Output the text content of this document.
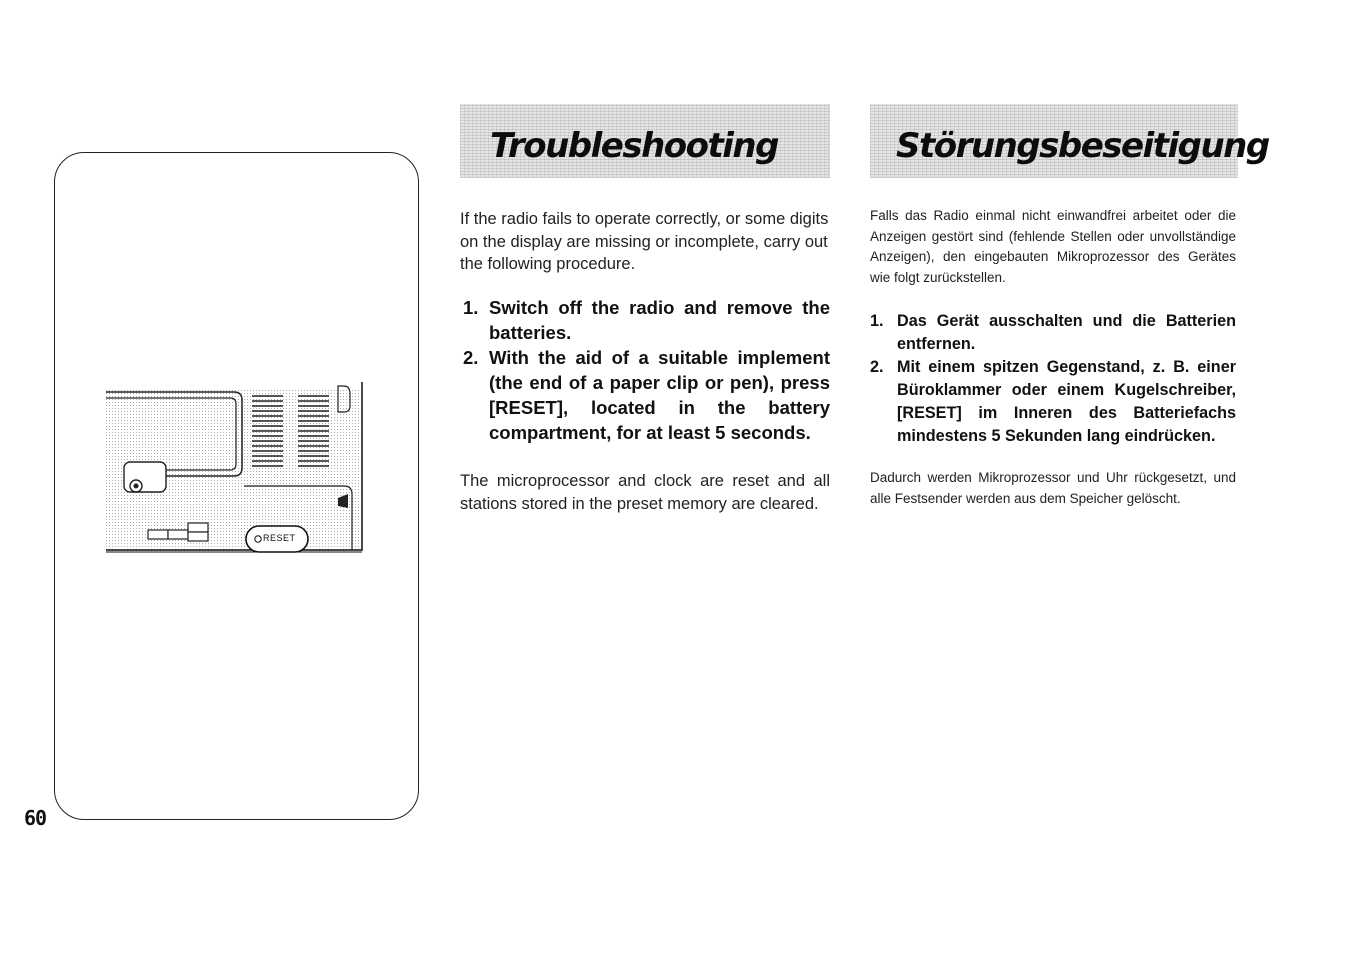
RESET
60
Troubleshooting	Störungsbeseitigung
If the radio fails to operate correctly, or some digits on the display are missing or incomplete, carry out the following procedure.
1. Switch off the radio and remove the batteries.
2. With the aid of a suitable implement (the end of a paper clip or pen), press [RESET], located in the battery compartment, for at least 5 seconds.
The microprocessor and clock are reset and all stations stored in the preset memory are cleared.
Falls das Radio einmal nicht einwandfrei arbeitet oder die Anzeigen gestört sind (fehlende Stellen oder unvollständige Anzeigen), den eingebauten Mikroprozessor des Gerätes wie folgt zurückstellen.
1. Das Gerät ausschalten und die Batterien entfernen.
2. Mit einem spitzen Gegenstand, z. B. einer Büroklammer oder einem Kugelschreiber, [RESET] im Inneren des Batteriefachs mindestens 5 Sekunden lang eindrücken.
Dadurch werden Mikroprozessor und Uhr rückgesetzt, und alle Festsender werden aus dem Speicher gelöscht.
